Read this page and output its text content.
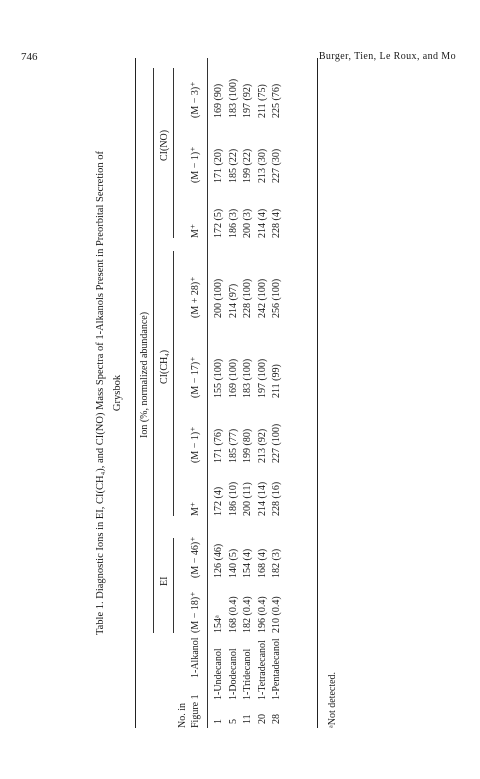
746	Burger, Tien, Le Roux, and Mo
Table 1. Diagnostic Ions in EI, CI(CH₄), and CI(NO) Mass Spectra of 1-Alkanols Present in Preorbital Secretion of Grysbok Ion (%, normalized abundance)
EI
CI(CH₄)
CI(NO)
No. in Figure 1
1-Alkanol
(M − 18)⁺
(M − 46)⁺
M⁺
(M − 1)⁺
(M − 17)⁺
(M + 28)⁺
M⁺
(M − 1)⁺
(M − 3)⁺
1
1-Undecanol
154ᵃ
126 (46)
172 (4)
171 (76)
155 (100)
200 (100)
172 (5)
171 (20)
169 (90)
5
1-Dodecanol
168 (0.4)
140 (5)
186 (10)
185 (77)
169 (100)
214 (97)
186 (3)
185 (22)
183 (100)
11
1-Tridecanol
182 (0.4)
154 (4)
200 (11)
199 (80)
183 (100)
228 (100)
200 (3)
199 (22)
197 (92)
20
1-Tetradecanol
196 (0.4)
168 (4)
214 (14)
213 (92)
197 (100)
242 (100)
214 (4)
213 (30)
211 (75)
28
1-Pentadecanol
210 (0.4)
182 (3)
228 (16)
227 (100)
211 (99)
256 (100)
228 (4)
227 (30)
225 (76)
ᵃNot detected.
